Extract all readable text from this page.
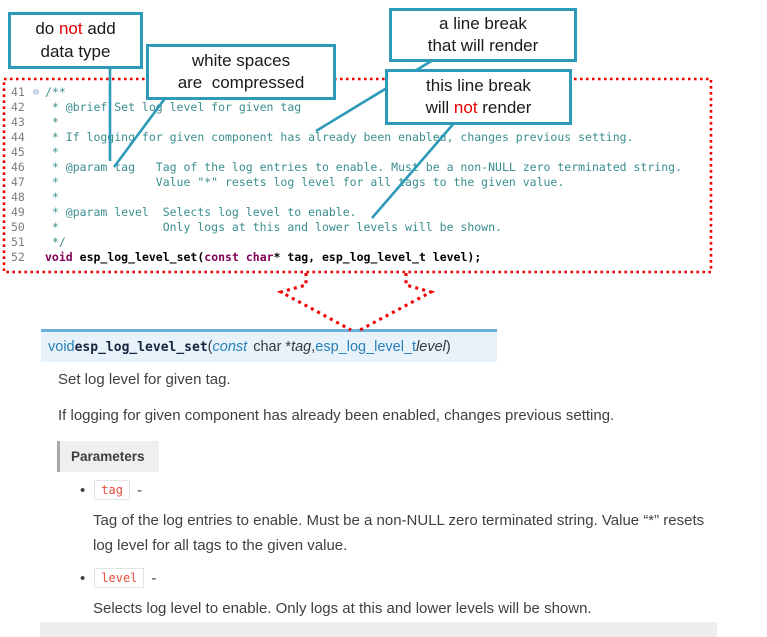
do not add
data type	white spaces
are  compressed
a line break
that will render
this line break
will not render
41 ⊖ /**
42	* @brief Set log level for given tag
43	*
44	* If logging for given component has already been enabled, changes previous setting.
45	*
46	* @param tag   Tag of the log entries to enable. Must be a non-NULL zero terminated string.
47	*              Value "*" resets log level for all tags to the given value.
48	*
49	* @param level  Selects log level to enable.
50	*               Only logs at this and lower levels will be shown.
51	*/
52	void esp_log_level_set(const char* tag, esp_log_level_t level);
void esp_log_level_set ( const char * tag , esp_log_level_t level )

Set log level for given tag.

If logging for given component has already been enabled, changes previous setting.

Parameters
•	tag -

Tag of the log entries to enable. Must be a non-NULL zero terminated string. Value “*” resets log level for all tags to the given value.

•	level -

Selects log level to enable. Only logs at this and lower levels will be shown.
